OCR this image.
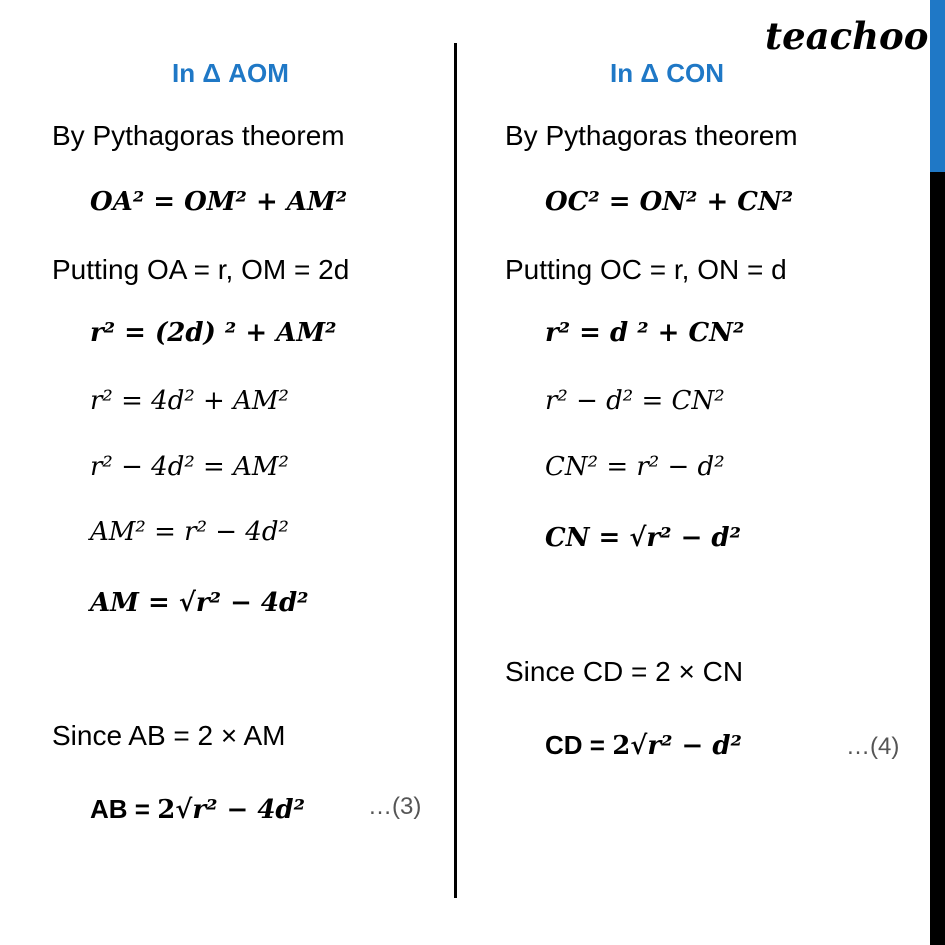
teachoo
In Δ AOM
By Pythagoras theorem
OA² = OM² + AM²
Putting OA = r, OM = 2d
r² = (2d) ² + AM²
r² = 4d² + AM²
r² − 4d² = AM²
AM² = r² − 4d²
AM = √r² − 4d²
Since AB = 2 × AM
AB = 2√r² − 4d²	…(3)
In Δ CON
By Pythagoras theorem
OC² = ON² + CN²
Putting OC = r, ON = d
r² = d ² + CN²
r² − d² = CN²
CN² = r² − d²
CN = √r² − d²
Since CD = 2 × CN
CD = 2√r² − d²	…(4)
